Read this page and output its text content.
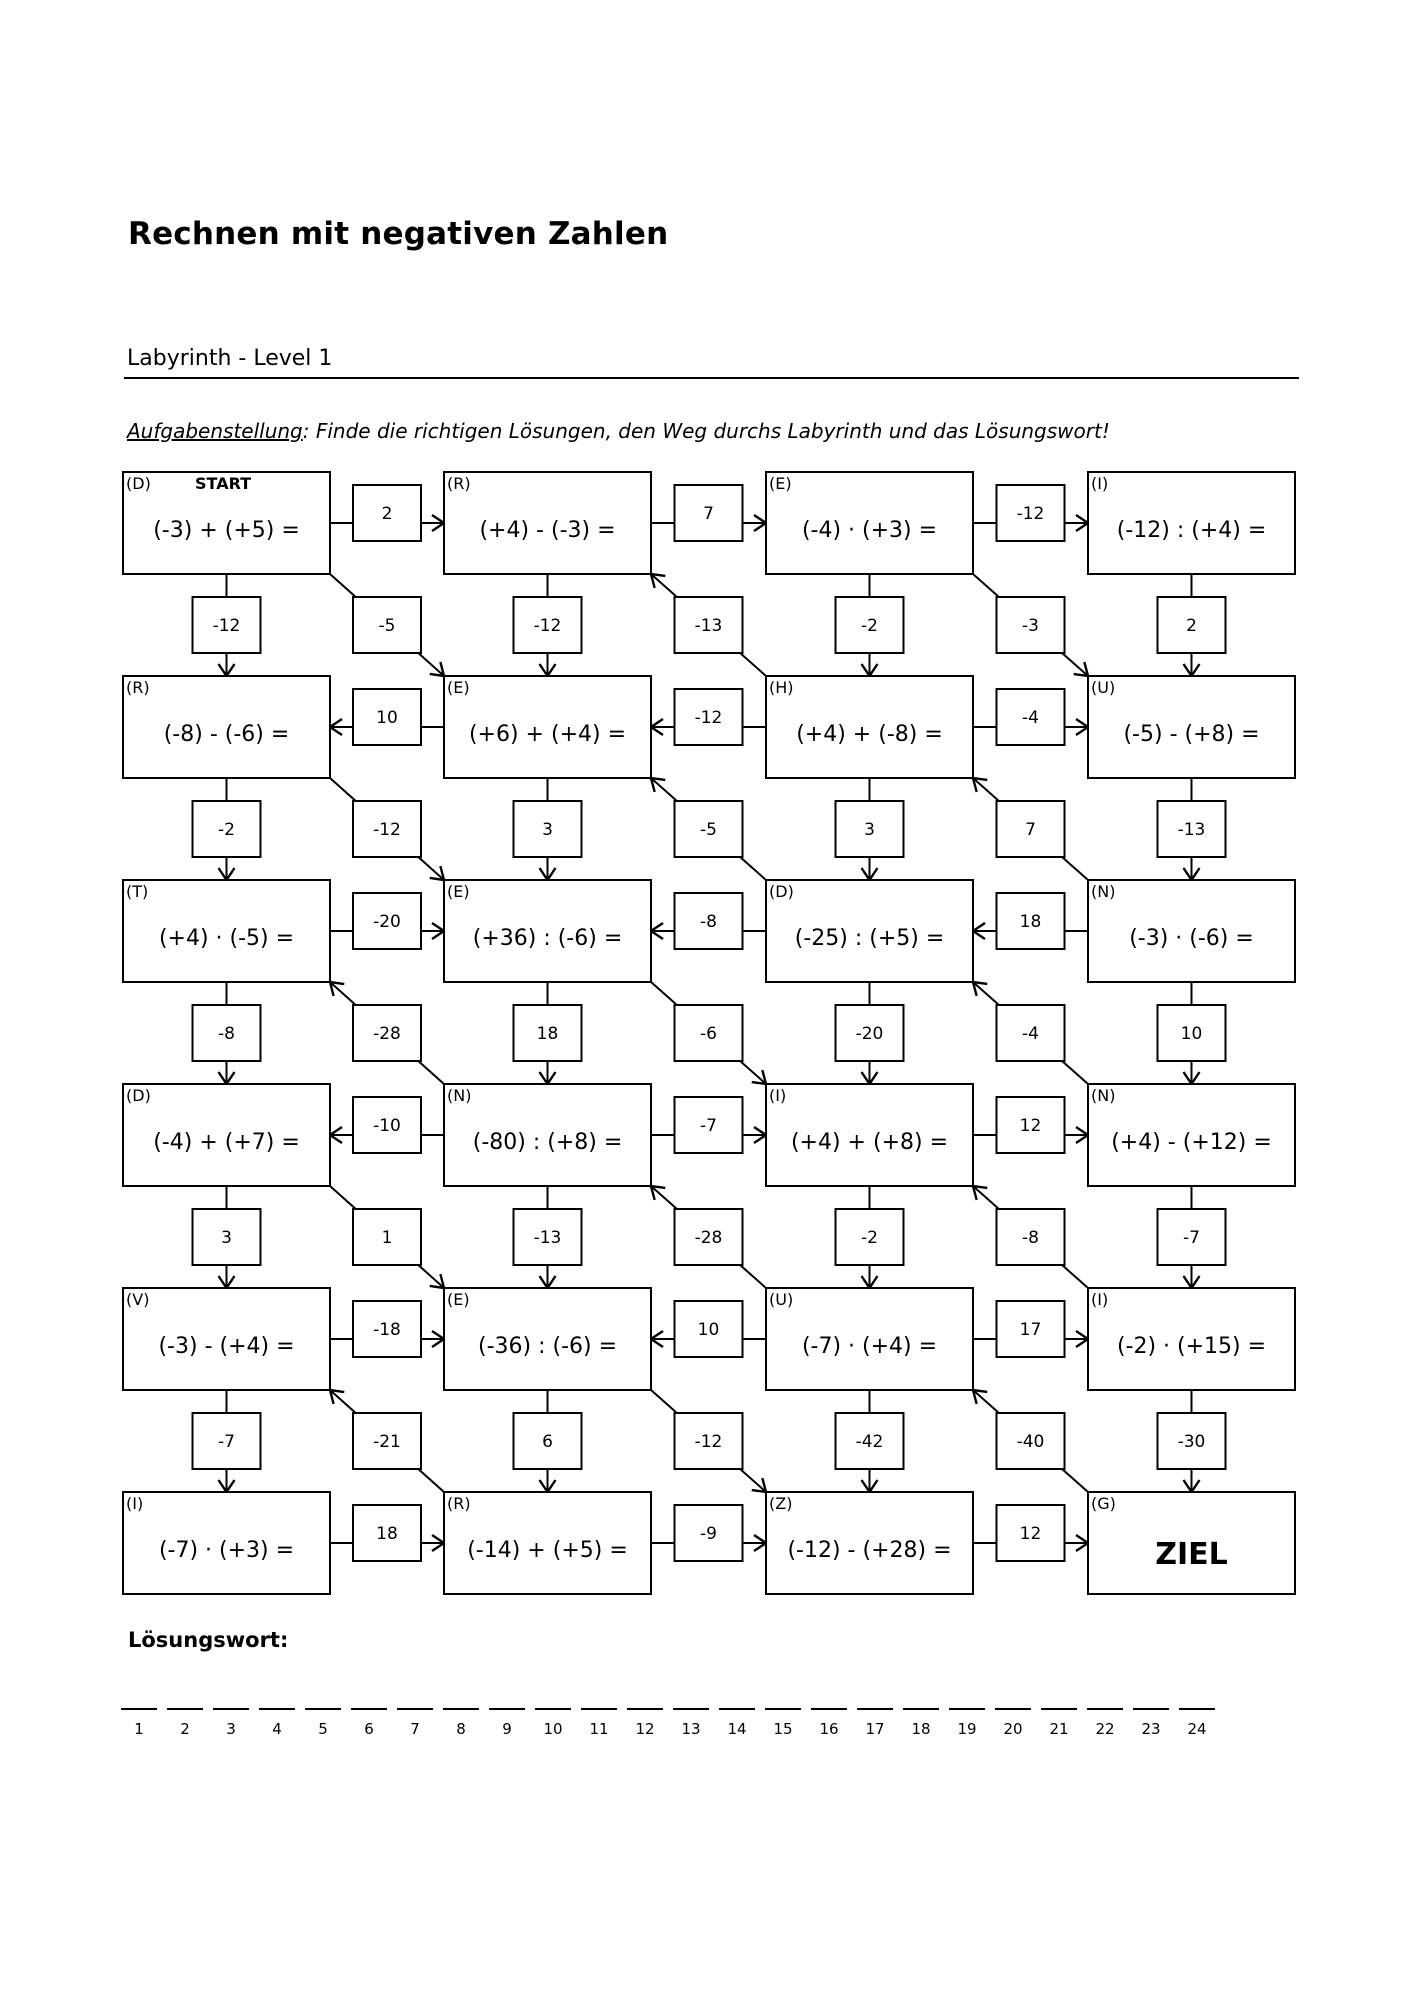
Rechnen mit negativen Zahlen
Labyrinth - Level 1
Aufgabenstellung: Finde die richtigen Lösungen, den Weg durchs Labyrinth und das Lösungswort!
2	7	-12
10	-12	-4
-20	-8	18
-10	-7	12
-18	10	17
18	-9	12
-12	-5	-12	-13	-2	-3	2
-2	-12	3	-5	3	7	-13
-8	-28	18	-6	-20	-4	10
3	1	-13	-28	-2	-8	-7
-7	-21	6	-12	-42	-40	-30
(D)	START
(-3) + (+5) =
(R)
(+4) - (-3) =
(E)
(-4) · (+3) =
(I)
(-12) : (+4) =
(R)
(-8) - (-6) =
(E)
(+6) + (+4) =
(H)
(+4) + (-8) =
(U)
(-5) - (+8) =
(T)
(+4) · (-5) =
(E)
(+36) : (-6) =
(D)
(-25) : (+5) =
(N)
(-3) · (-6) =
(D)
(-4) + (+7) =
(N)
(-80) : (+8) =
(I)
(+4) + (+8) =
(N)
(+4) - (+12) =
(V)
(-3) - (+4) =
(E)
(-36) : (-6) =
(U)
(-7) · (+4) =
(I)
(-2) · (+15) =
(I)
(-7) · (+3) =
(R)
(-14) + (+5) =
(Z)
(-12) - (+28) =
(G)
ZIEL
Lösungswort:
1	2	3	4	5	6	7	8	9	10	11	12	13	14	15	16	17	18	19	20	21	22	23	24
